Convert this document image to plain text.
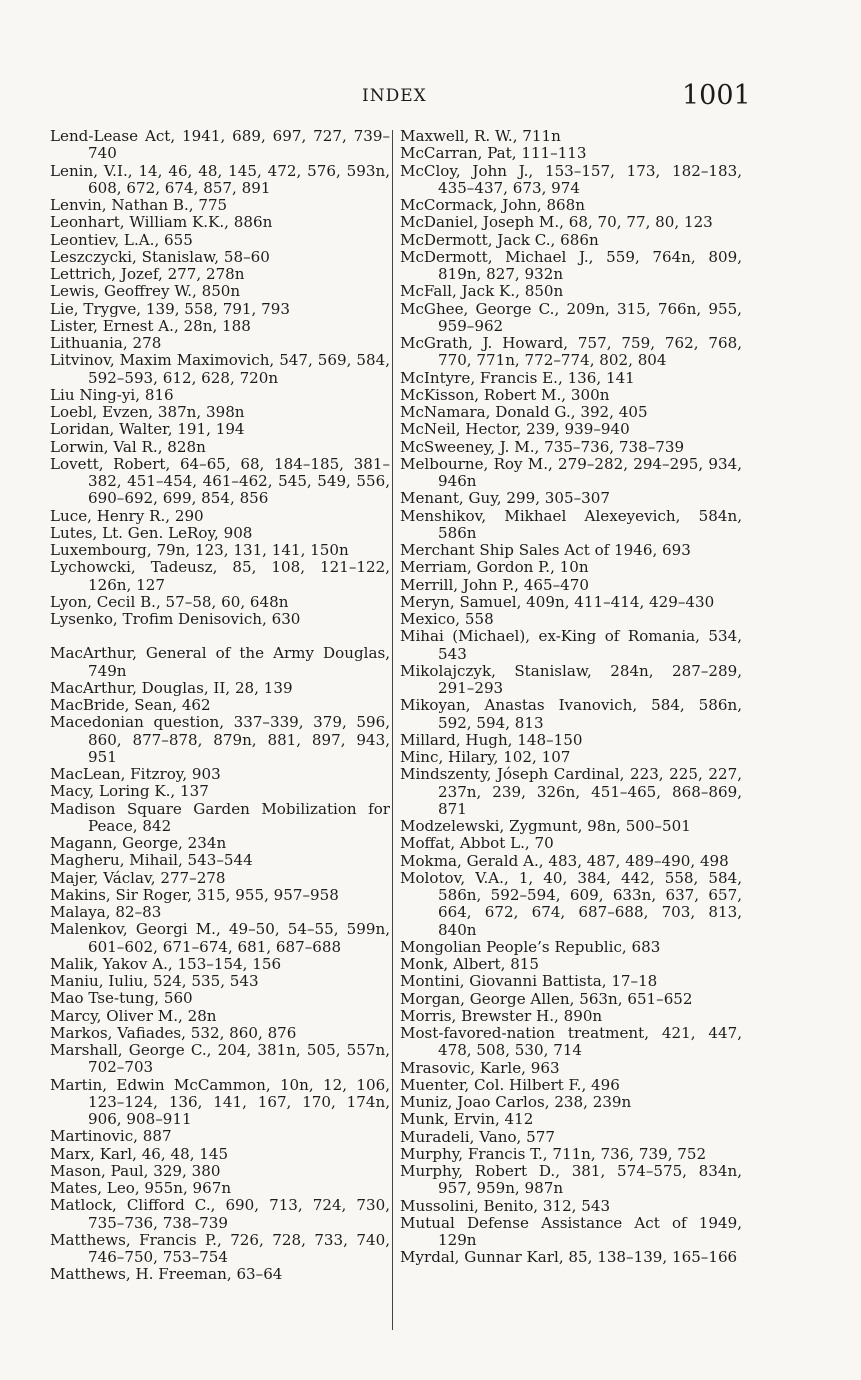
INDEX	1001
Lend-Lease Act, 1941, 689, 697, 727, 739–740
Lenin, V.I., 14, 46, 48, 145, 472, 576, 593n, 608, 672, 674, 857, 891
Lenvin, Nathan B., 775
Leonhart, William K.K., 886n
Leontiev, L.A., 655
Leszczycki, Stanislaw, 58–60
Lettrich, Jozef, 277, 278n
Lewis, Geoffrey W., 850n
Lie, Trygve, 139, 558, 791, 793
Lister, Ernest A., 28n, 188
Lithuania, 278
Litvinov, Maxim Maximovich, 547, 569, 584, 592–593, 612, 628, 720n
Liu Ning-yi, 816
Loebl, Evzen, 387n, 398n
Loridan, Walter, 191, 194
Lorwin, Val R., 828n
Lovett, Robert, 64–65, 68, 184–185, 381–382, 451–454, 461–462, 545, 549, 556, 690–692, 699, 854, 856
Luce, Henry R., 290
Lutes, Lt. Gen. LeRoy, 908
Luxembourg, 79n, 123, 131, 141, 150n
Lychowcki, Tadeusz, 85, 108, 121–122, 126n, 127
Lyon, Cecil B., 57–58, 60, 648n
Lysenko, Trofim Denisovich, 630
MacArthur, General of the Army Douglas, 749n
MacArthur, Douglas, II, 28, 139
MacBride, Sean, 462
Macedonian question, 337–339, 379, 596, 860, 877–878, 879n, 881, 897, 943, 951
MacLean, Fitzroy, 903
Macy, Loring K., 137
Madison Square Garden Mobilization for Peace, 842
Magann, George, 234n
Magheru, Mihail, 543–544
Majer, Václav, 277–278
Makins, Sir Roger, 315, 955, 957–958
Malaya, 82–83
Malenkov, Georgi M., 49–50, 54–55, 599n, 601–602, 671–674, 681, 687–688
Malik, Yakov A., 153–154, 156
Maniu, Iuliu, 524, 535, 543
Mao Tse-tung, 560
Marcy, Oliver M., 28n
Markos, Vafiades, 532, 860, 876
Marshall, George C., 204, 381n, 505, 557n, 702–703
Martin, Edwin McCammon, 10n, 12, 106, 123–124, 136, 141, 167, 170, 174n, 906, 908–911
Martinovic, 887
Marx, Karl, 46, 48, 145
Mason, Paul, 329, 380
Mates, Leo, 955n, 967n
Matlock, Clifford C., 690, 713, 724, 730, 735–736, 738–739
Matthews, Francis P., 726, 728, 733, 740, 746–750, 753–754
Matthews, H. Freeman, 63–64
Maxwell, R. W., 711n
McCarran, Pat, 111–113
McCloy, John J., 153–157, 173, 182–183, 435–437, 673, 974
McCormack, John, 868n
McDaniel, Joseph M., 68, 70, 77, 80, 123
McDermott, Jack C., 686n
McDermott, Michael J., 559, 764n, 809, 819n, 827, 932n
McFall, Jack K., 850n
McGhee, George C., 209n, 315, 766n, 955, 959–962
McGrath, J. Howard, 757, 759, 762, 768, 770, 771n, 772–774, 802, 804
McIntyre, Francis E., 136, 141
McKisson, Robert M., 300n
McNamara, Donald G., 392, 405
McNeil, Hector, 239, 939–940
McSweeney, J. M., 735–736, 738–739
Melbourne, Roy M., 279–282, 294–295, 934, 946n
Menant, Guy, 299, 305–307
Menshikov, Mikhael Alexeyevich, 584n, 586n
Merchant Ship Sales Act of 1946, 693
Merriam, Gordon P., 10n
Merrill, John P., 465–470
Meryn, Samuel, 409n, 411–414, 429–430
Mexico, 558
Mihai (Michael), ex-King of Romania, 534, 543
Mikolajczyk, Stanislaw, 284n, 287–289, 291–293
Mikoyan, Anastas Ivanovich, 584, 586n, 592, 594, 813
Millard, Hugh, 148–150
Minc, Hilary, 102, 107
Mindszenty, Jóseph Cardinal, 223, 225, 227, 237n, 239, 326n, 451–465, 868–869, 871
Modzelewski, Zygmunt, 98n, 500–501
Moffat, Abbot L., 70
Mokma, Gerald A., 483, 487, 489–490, 498
Molotov, V.A., 1, 40, 384, 442, 558, 584, 586n, 592–594, 609, 633n, 637, 657, 664, 672, 674, 687–688, 703, 813, 840n
Mongolian People’s Republic, 683
Monk, Albert, 815
Montini, Giovanni Battista, 17–18
Morgan, George Allen, 563n, 651–652
Morris, Brewster H., 890n
Most-favored-nation treatment, 421, 447, 478, 508, 530, 714
Mrasovic, Karle, 963
Muenter, Col. Hilbert F., 496
Muniz, Joao Carlos, 238, 239n
Munk, Ervin, 412
Muradeli, Vano, 577
Murphy, Francis T., 711n, 736, 739, 752
Murphy, Robert D., 381, 574–575, 834n, 957, 959n, 987n
Mussolini, Benito, 312, 543
Mutual Defense Assistance Act of 1949, 129n
Myrdal, Gunnar Karl, 85, 138–139, 165–166
